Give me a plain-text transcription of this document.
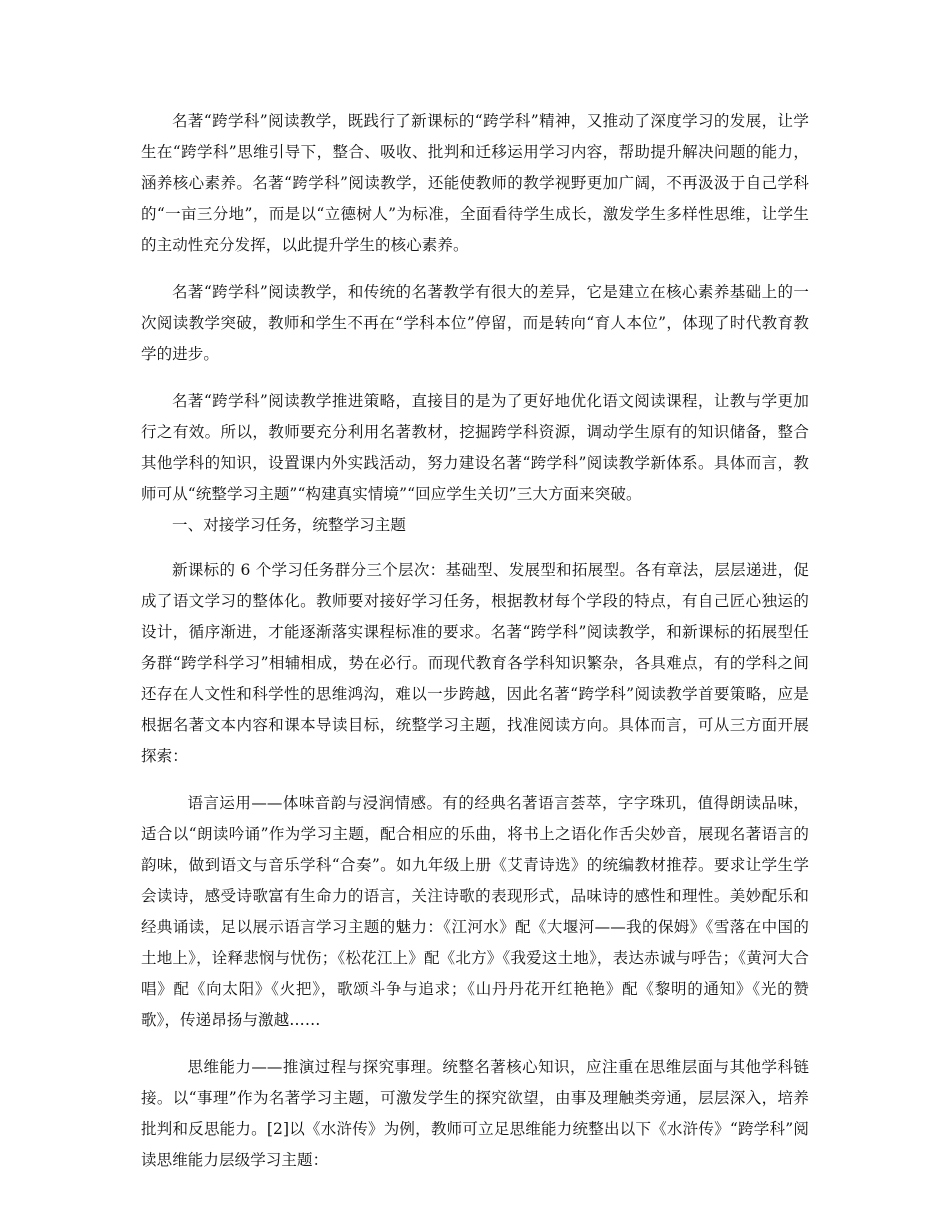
名著“跨学科”阅读教学，既践行了新课标的“跨学科”精神，又推动了深度学习的发展，让学生在“跨学科”思维引导下，整合、吸收、批判和迁移运用学习内容，帮助提升解决问题的能力，涵养核心素养。名著“跨学科”阅读教学，还能使教师的教学视野更加广阔，不再汲汲于自己学科的“一亩三分地”，而是以“立德树人”为标准，全面看待学生成长，激发学生多样性思维，让学生的主动性充分发挥，以此提升学生的核心素养。

名著“跨学科”阅读教学，和传统的名著教学有很大的差异，它是建立在核心素养基础上的一次阅读教学突破，教师和学生不再在“学科本位”停留，而是转向“育人本位”，体现了时代教育教学的进步。

名著“跨学科”阅读教学推进策略，直接目的是为了更好地优化语文阅读课程，让教与学更加行之有效。所以，教师要充分利用名著教材，挖掘跨学科资源，调动学生原有的知识储备，整合其他学科的知识，设置课内外实践活动，努力建设名著“跨学科”阅读教学新体系。具体而言，教师可从“统整学习主题”“构建真实情境”“回应学生关切”三大方面来突破。

一、对接学习任务，统整学习主题

新课标的 6 个学习任务群分三个层次：基础型、发展型和拓展型。各有章法，层层递进，促成了语文学习的整体化。教师要对接好学习任务，根据教材每个学段的特点，有自己匠心独运的设计，循序渐进，才能逐渐落实课程标准的要求。名著“跨学科”阅读教学，和新课标的拓展型任务群“跨学科学习”相辅相成，势在必行。而现代教育各学科知识繁杂，各具难点，有的学科之间还存在人文性和科学性的思维鸿沟，难以一步跨越，因此名著“跨学科”阅读教学首要策略，应是根据名著文本内容和课本导读目标，统整学习主题，找准阅读方向。具体而言，可从三方面开展探索：

语言运用——体味音韵与浸润情感。有的经典名著语言荟萃，字字珠玑，值得朗读品味，适合以“朗读吟诵”作为学习主题，配合相应的乐曲，将书上之语化作舌尖妙音，展现名著语言的韵味，做到语文与音乐学科“合奏”。如九年级上册《艾青诗选》的统编教材推荐。要求让学生学会读诗，感受诗歌富有生命力的语言，关注诗歌的表现形式，品味诗的感性和理性。美妙配乐和经典诵读，足以展示语言学习主题的魅力：《江河水》配《大堰河——我的保姆》《雪落在中国的土地上》，诠释悲悯与忧伤；《松花江上》配《北方》《我爱这土地》，表达赤诚与呼告；《黄河大合唱》配《向太阳》《火把》，歌颂斗争与追求；《山丹丹花开红艳艳》配《黎明的通知》《光的赞歌》，传递昂扬与激越……

思维能力——推演过程与探究事理。统整名著核心知识，应注重在思维层面与其他学科链接。以“事理”作为名著学习主题，可激发学生的探究欲望，由事及理触类旁通，层层深入，培养批判和反思能力。[2]以《水浒传》为例，教师可立足思维能力统整出以下《水浒传》“跨学科”阅读思维能力层级学习主题：
